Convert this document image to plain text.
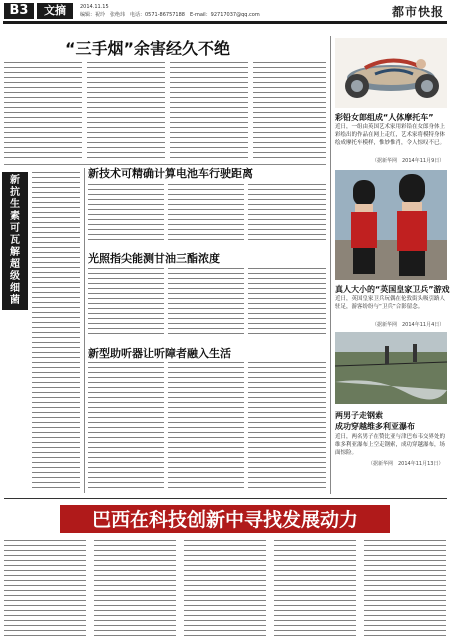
B3	文摘	2014.11.15
编辑：祝玲　张绝玮　电话：0571-86757188　E-mail：92717037@qq.com	都市快报
“三手烟”余害经久不绝
彩铅女郎组成“人体摩托车”
近日，一组由英国艺术家用彩铅在女郎身体上彩绘出的作品在网上走红，艺术家将模特身体绘成摩托车模样，惟妙惟肖，令人惊叹不已。
（据新华网　2014年11月9日）
新
抗
生
素
可
瓦
解
超
级
细
菌
新技术可精确计算电池车行驶距离
光照指尖能测甘油三酯浓度
新型助听器让听障者融入生活
真人大小的“英国皇家卫兵”游戏
近日，英国皇家卫兵玩偶在伦敦街头吸引路人驻足，游客纷纷与“卫兵”合影留念。
（据新华网　2014年11月4日）
两男子走钢索
成功穿越维多利亚瀑布
近日，两名男子在赞比亚与津巴布韦交界处的维多利亚瀑布上空走钢索，成功穿越瀑布，场面惊险。
（据新华网　2014年11月13日）
巴西在科技创新中寻找发展动力
